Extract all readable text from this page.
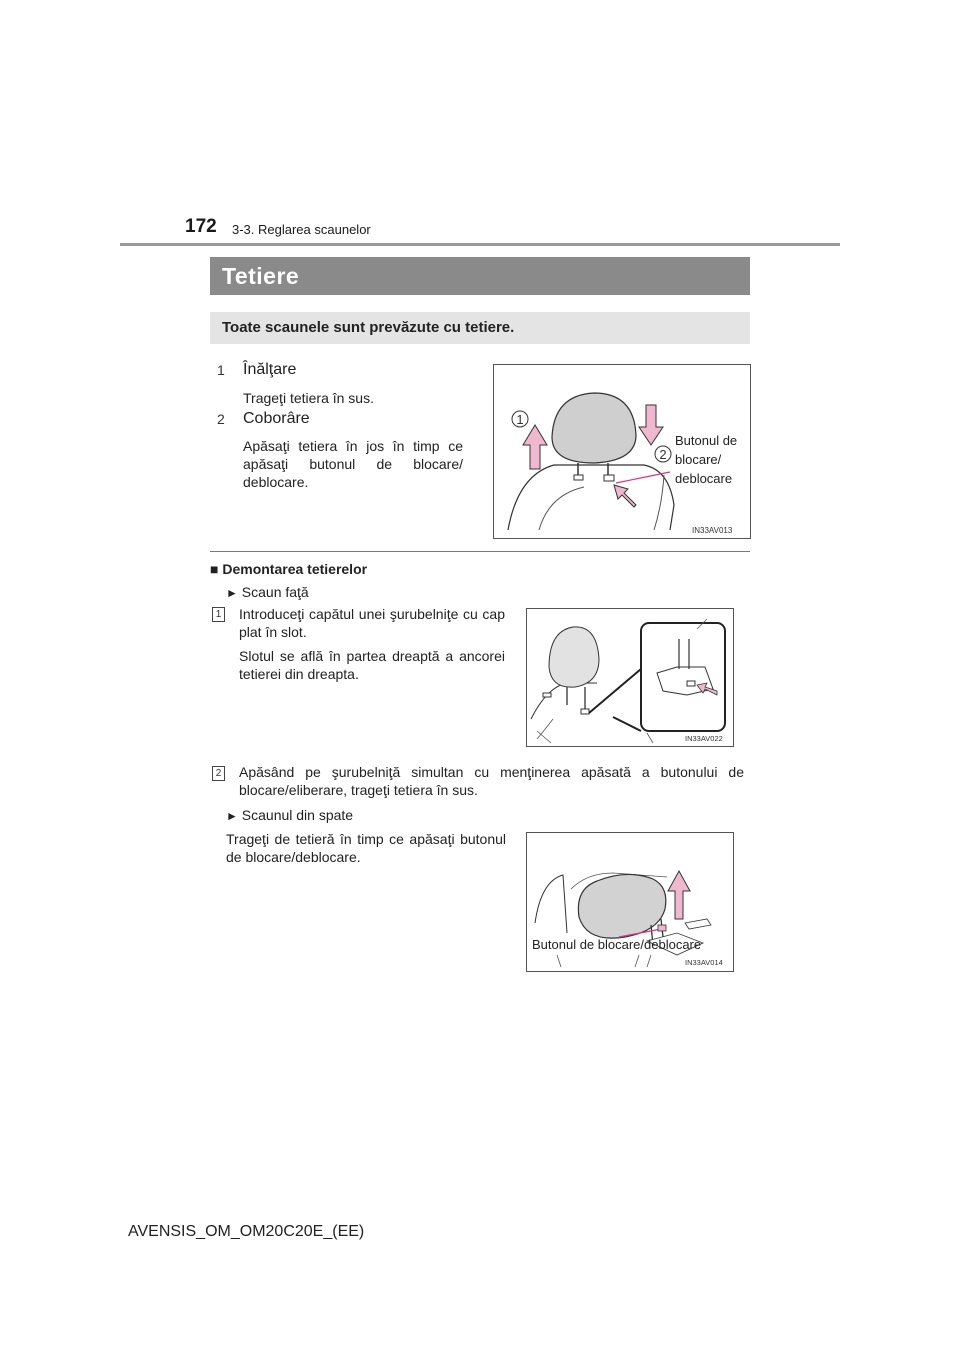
172 3-3. Reglarea scaunelor
Tetiere
Toate scaunele sunt prevăzute cu tetiere.
1 Înălţare
Trageţi tetiera în sus.
2 Coborâre
Apăsaţi tetiera în jos în timp ce apăsaţi butonul de blocare/ deblocare.
1
2
Butonul de
blocare/
deblocare
IN33AV013
■ Demontarea tetierelor
► Scaun faţă
1 Introduceţi capătul unei şurubelniţe cu cap plat în slot.
Slotul se află în partea dreaptă a ancorei tetierei din dreapta.
IN33AV022
2 Apăsând pe şurubelniţă simultan cu menţinerea apăsată a butonului de blocare/eliberare, trageţi tetiera în sus.
► Scaunul din spate
Trageţi de tetieră în timp ce apăsaţi butonul de blocare/deblocare.
Butonul de blocare/deblocare
IN33AV014
AVENSIS_OM_OM20C20E_(EE)
